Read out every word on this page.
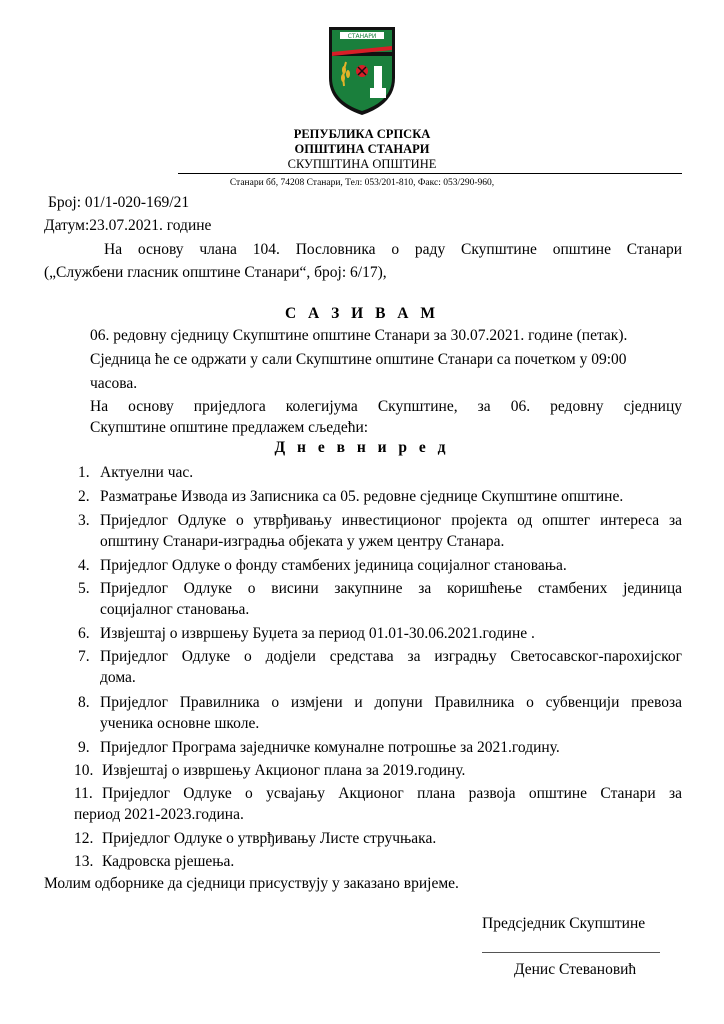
СТАНАРИ
РЕПУБЛИКА СРПСКА
ОПШТИНА СТАНАРИ
СКУПШТИНА ОПШТИНЕ
Станари бб, 74208 Станари, Тел: 053/201-810, Факс: 053/290-960,
Број: 01/1-020-169/21
Датум:23.07.2021. године
На основу члана 104. Пословника о раду Скупштине општине Станари
(„Службени гласник општине Станари“, број: 6/17),
С А З И В А М
06. редовну сједницу Скупштине општине Станари за 30.07.2021. године (петак).
Сједница ће се одржати у сали Скупштине општине Станари са почетком у 09:00
часова.
На основу приједлога колегијума Скупштине, за 06. редовну сједницу
Скупштине општине предлажем сљедећи:
Д н е в н и р е д
1. Актуелни час.
2. Разматрање Извода из Записника са 05. редовне сједнице Скупштине општине.
3. Приједлог Одлуке о утврђивању инвестиционог пројекта од општег интереса за
општину Станари-изградња објеката у ужем центру Станара.
4. Приједлог Одлуке о фонду стамбених јединица социјалног становања.
5. Приједлог Одлуке о висини закупнине за коришћење стамбених јединица
социјалног становања.
6. Извјештај о извршењу Буџета за период 01.01-30.06.2021.године .
7. Приједлог Одлуке о додјели средстава за изградњу Светосавског-парохијског
дома.
8. Приједлог Правилника о измјени и допуни Правилника о субвенцији превоза
ученика основне школе.
9. Приједлог Програма заједничке комуналне потрошње за 2021.годину.
10. Извјештај о извршењу Акционог плана за 2019.годину.
11. Приједлог Одлуке о усвајању Акционог плана развоја општине Станари за
период 2021-2023.година.
12. Приједлог Одлуке о утврђивању Листе стручњака.
13. Кадровска рјешења.
Молим одборнике да сједници присуствују у заказано вријеме.
Предсједник Скупштине
Денис Стевановић
